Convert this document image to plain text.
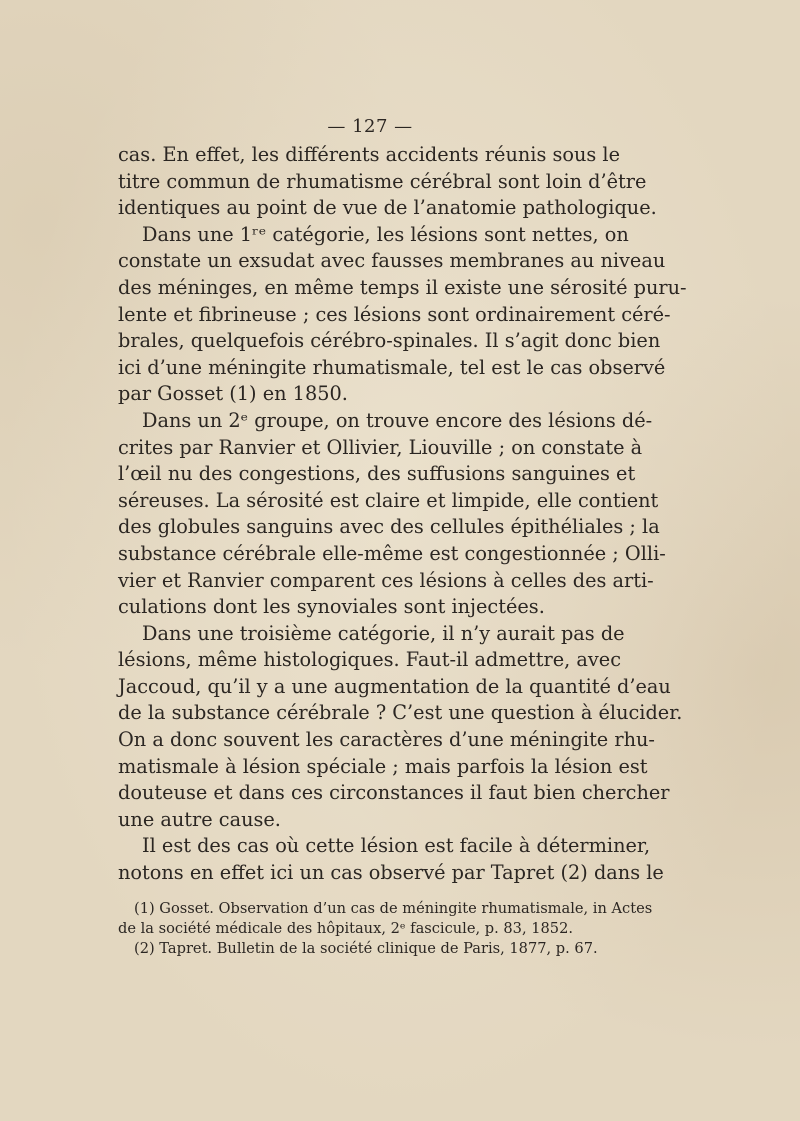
— 127 —
cas. En effet, les différents accidents réunis sous le
titre commun de rhumatisme cérébral sont loin d’être
identiques au point de vue de l’anatomie pathologique.
Dans une 1ʳᵉ catégorie, les lésions sont nettes, on
constate un exsudat avec fausses membranes au niveau
des méninges, en même temps il existe une sérosité puru-
lente et fibrineuse ; ces lésions sont ordinairement céré-
brales, quelquefois cérébro-spinales. Il s’agit donc bien
ici d’une méningite rhumatismale, tel est le cas observé
par Gosset (1) en 1850.
Dans un 2ᵉ groupe, on trouve encore des lésions dé-
crites par Ranvier et Ollivier, Liouville ; on constate à
l’œil nu des congestions, des suffusions sanguines et
séreuses. La sérosité est claire et limpide, elle contient
des globules sanguins avec des cellules épithéliales ; la
substance cérébrale elle-même est congestionnée ; Olli-
vier et Ranvier comparent ces lésions à celles des arti-
culations dont les synoviales sont injectées.
Dans une troisième catégorie, il n’y aurait pas de
lésions, même histologiques. Faut-il admettre, avec
Jaccoud, qu’il y a une augmentation de la quantité d’eau
de la substance cérébrale ? C’est une question à élucider.
On a donc souvent les caractères d’une méningite rhu-
matismale à lésion spéciale ; mais parfois la lésion est
douteuse et dans ces circonstances il faut bien chercher
une autre cause.
Il est des cas où cette lésion est facile à déterminer,
notons en effet ici un cas observé par Tapret (2) dans le
(1) Gosset. Observation d’un cas de méningite rhumatismale, in Actes
de la société médicale des hôpitaux, 2ᵉ fascicule, p. 83, 1852.
(2) Tapret. Bulletin de la société clinique de Paris, 1877, p. 67.
